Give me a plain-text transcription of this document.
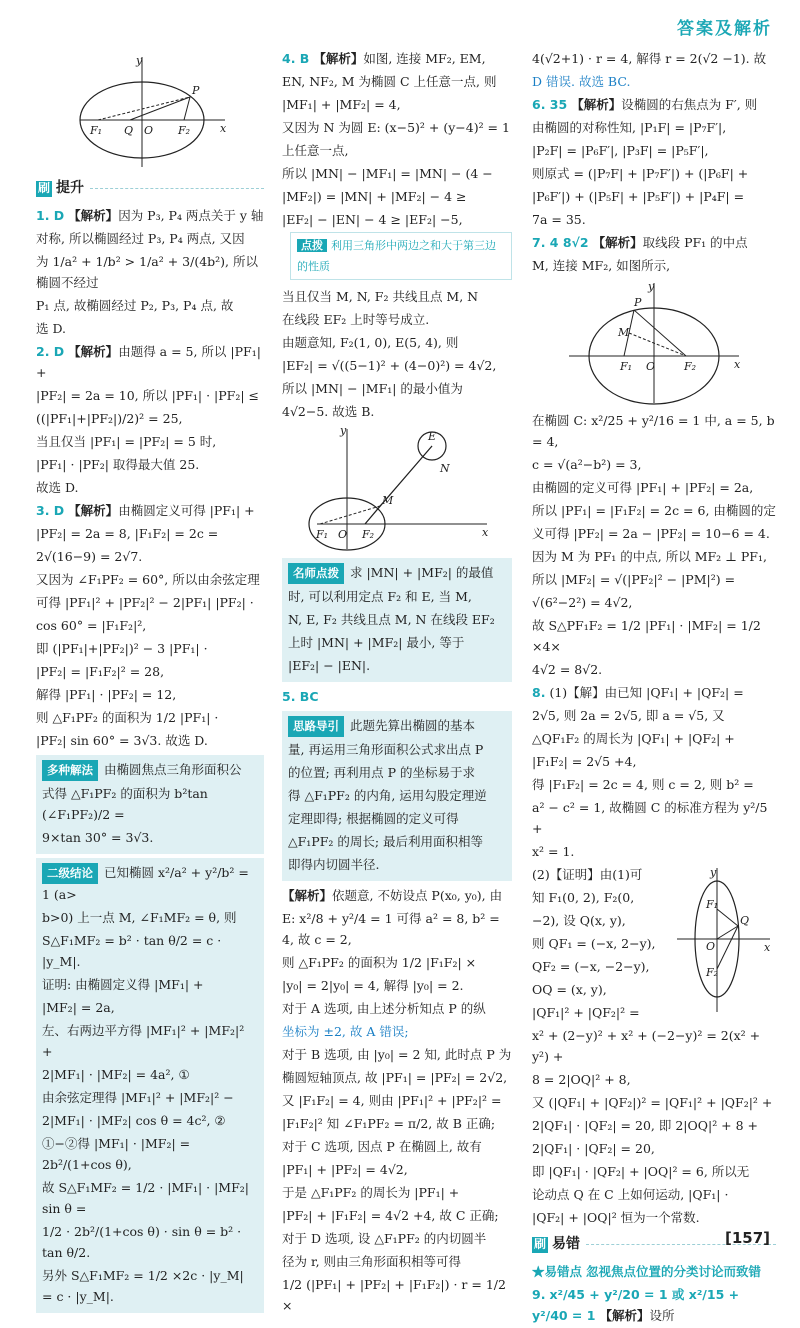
答案及解析
y
x
P
F₁ Q O F₂
刷 提升

1. D 【解析】因为 P₃, P₄ 两点关于 y 轴

对称, 所以椭圆经过 P₃, P₄ 两点, 又因

为 1/a² + 1/b² > 1/a² + 3/(4b²), 所以椭圆不经过

P₁ 点, 故椭圆经过 P₂, P₃, P₄ 点, 故

选 D.

2. D 【解析】由题得 a = 5, 所以 |PF₁| +

|PF₂| = 2a = 10, 所以 |PF₁| · |PF₂| ≤

((|PF₁|+|PF₂|)/2)² = 25,

当且仅当 |PF₁| = |PF₂| = 5 时,

|PF₁| · |PF₂| 取得最大值 25.

故选 D.

3. D 【解析】由椭圆定义可得 |PF₁| +

|PF₂| = 2a = 8, |F₁F₂| = 2c =

2√(16−9) = 2√7.

又因为 ∠F₁PF₂ = 60°, 所以由余弦定理

可得 |PF₁|² + |PF₂|² − 2|PF₁| |PF₂| ·

cos 60° = |F₁F₂|²,

即 (|PF₁|+|PF₂|)² − 3 |PF₁| ·

|PF₂| = |F₁F₂|² = 28,

解得 |PF₁| · |PF₂| = 12,

则 △F₁PF₂ 的面积为 1/2 |PF₁| ·

|PF₂| sin 60° = 3√3. 故选 D.

多种解法 由椭圆焦点三角形面积公

式得 △F₁PF₂ 的面积为 b²tan (∠F₁PF₂)/2 =

9×tan 30° = 3√3.

二级结论 已知椭圆 x²/a² + y²/b² = 1 (a>

b>0) 上一点 M, ∠F₁MF₂ = θ, 则

S△F₁MF₂ = b² · tan θ/2 = c · |y_M|.

证明: 由椭圆定义得 |MF₁| +

|MF₂| = 2a,

左、右两边平方得 |MF₁|² + |MF₂|² +

2|MF₁| · |MF₂| = 4a², ①

由余弦定理得 |MF₁|² + |MF₂|² −

2|MF₁| · |MF₂| cos θ = 4c², ②

①−②得 |MF₁| · |MF₂| = 2b²/(1+cos θ),

故 S△F₁MF₂ = 1/2 · |MF₁| · |MF₂| sin θ =

1/2 · 2b²/(1+cos θ) · sin θ = b² · tan θ/2.

另外 S△F₁MF₂ = 1/2 ×2c · |y_M| = c · |y_M|.

4. B 【解析】如图, 连接 MF₂, EM,

EN, NF₂, M 为椭圆 C 上任意一点, 则

|MF₁| + |MF₂| = 4,

又因为 N 为圆 E: (x−5)² + (y−4)² = 1

上任意一点,

所以 |MN| − |MF₁| = |MN| − (4 −

|MF₂|) = |MN| + |MF₂| − 4 ≥

|EF₂| − |EN| − 4 ≥ |EF₂| −5,

点拨 利用三角形中两边之和大于第三边的性质

当且仅当 M, N, F₂ 共线且点 M, N

在线段 EF₂ 上时等号成立.

由题意知, F₂(1, 0), E(5, 4), 则

|EF₂| = √((5−1)² + (4−0)²) = 4√2,

所以 |MN| − |MF₁| 的最小值为

4√2−5. 故选 B.

y
x
E
N
M
F₁ O F₂

名师点拨 求 |MN| + |MF₂| 的最值

时, 可以利用定点 F₂ 和 E, 当 M,

N, E, F₂ 共线且点 M, N 在线段 EF₂

上时 |MN| + |MF₂| 最小, 等于

|EF₂| − |EN|.

5. BC

思路导引 此题先算出椭圆的基本

量, 再运用三角形面积公式求出点 P

的位置; 再利用点 P 的坐标易于求

得 △F₁PF₂ 的内角, 运用勾股定理逆

定理即得; 根据椭圆的定义可得

△F₁PF₂ 的周长; 最后利用面积相等

即得内切圆半径.

【解析】依题意, 不妨设点 P(x₀, y₀), 由

E: x²/8 + y²/4 = 1 可得 a² = 8, b² = 4, 故 c = 2,

则 △F₁PF₂ 的面积为 1/2 |F₁F₂| ×

|y₀| = 2|y₀| = 4, 解得 |y₀| = 2.

对于 A 选项, 由上述分析知点 P 的纵

坐标为 ±2, 故 A 错误;

对于 B 选项, 由 |y₀| = 2 知, 此时点 P 为

椭圆短轴顶点, 故 |PF₁| = |PF₂| = 2√2,

又 |F₁F₂| = 4, 则由 |PF₁|² + |PF₂|² =

|F₁F₂|² 知 ∠F₁PF₂ = π/2, 故 B 正确;

对于 C 选项, 因点 P 在椭圆上, 故有

|PF₁| + |PF₂| = 4√2,

于是 △F₁PF₂ 的周长为 |PF₁| +

|PF₂| + |F₁F₂| = 4√2 +4, 故 C 正确;

对于 D 选项, 设 △F₁PF₂ 的内切圆半

径为 r, 则由三角形面积相等可得

1/2 (|PF₁| + |PF₂| + |F₁F₂|) · r = 1/2 ×

4(√2+1) · r = 4, 解得 r = 2(√2 −1). 故

D 错误. 故选 BC.

6. 35 【解析】设椭圆的右焦点为 F′, 则

由椭圆的对称性知, |P₁F| = |P₇F′|,

|P₂F| = |P₆F′|, |P₃F| = |P₅F′|,

则原式 = (|P₇F| + |P₇F′|) + (|P₆F| +

|P₆F′|) + (|P₅F| + |P₅F′|) + |P₄F| =

7a = 35.

7. 4 8√2 【解析】取线段 PF₁ 的中点

M, 连接 MF₂, 如图所示,

y
x
P
M
F₁ O	F₂

在椭圆 C: x²/25 + y²/16 = 1 中, a = 5, b = 4,

c = √(a²−b²) = 3,

由椭圆的定义可得 |PF₁| + |PF₂| = 2a,

所以 |PF₁| = |F₁F₂| = 2c = 6, 由椭圆的定

义可得 |PF₂| = 2a − |PF₂| = 10−6 = 4.

因为 M 为 PF₁ 的中点, 所以 MF₂ ⊥ PF₁,

所以 |MF₂| = √(|PF₂|² − |PM|²) =

√(6²−2²) = 4√2,

故 S△PF₁F₂ = 1/2 |PF₁| · |MF₂| = 1/2 ×4×

4√2 = 8√2.

8. (1)【解】由已知 |QF₁| + |QF₂| =

2√5, 则 2a = 2√5, 即 a = √5, 又

△QF₁F₂ 的周长为 |QF₁| + |QF₂| +

|F₁F₂| = 2√5 +4,

得 |F₁F₂| = 2c = 4, 则 c = 2, 则 b² =

a² − c² = 1, 故椭圆 C 的标准方程为 y²/5 +

x² = 1.

(2)【证明】由(1)可

知 F₁(0, 2), F₂(0,

−2), 设 Q(x, y),

则 QF₁ = (−x, 2−y),

QF₂ = (−x, −2−y),

OQ = (x, y),

|QF₁|² + |QF₂|² =

y
x
Q
F₁
O
F₂

x² + (2−y)² + x² + (−2−y)² = 2(x² + y²) +

8 = 2|OQ|² + 8,

又 (|QF₁| + |QF₂|)² = |QF₁|² + |QF₂|² +

2|QF₁| · |QF₂| = 20, 即 2|OQ|² + 8 +

2|QF₁| · |QF₂| = 20,

即 |QF₁| · |QF₂| + |OQ|² = 6, 所以无

论动点 Q 在 C 上如何运动, |QF₁| ·

|QF₂| + |OQ|² 恒为一个常数.

刷 易错

★易错点 忽视焦点位置的分类讨论而致错

9. x²/45 + y²/20 = 1 或 x²/15 + y²/40 = 1 【解析】设所

[157]
